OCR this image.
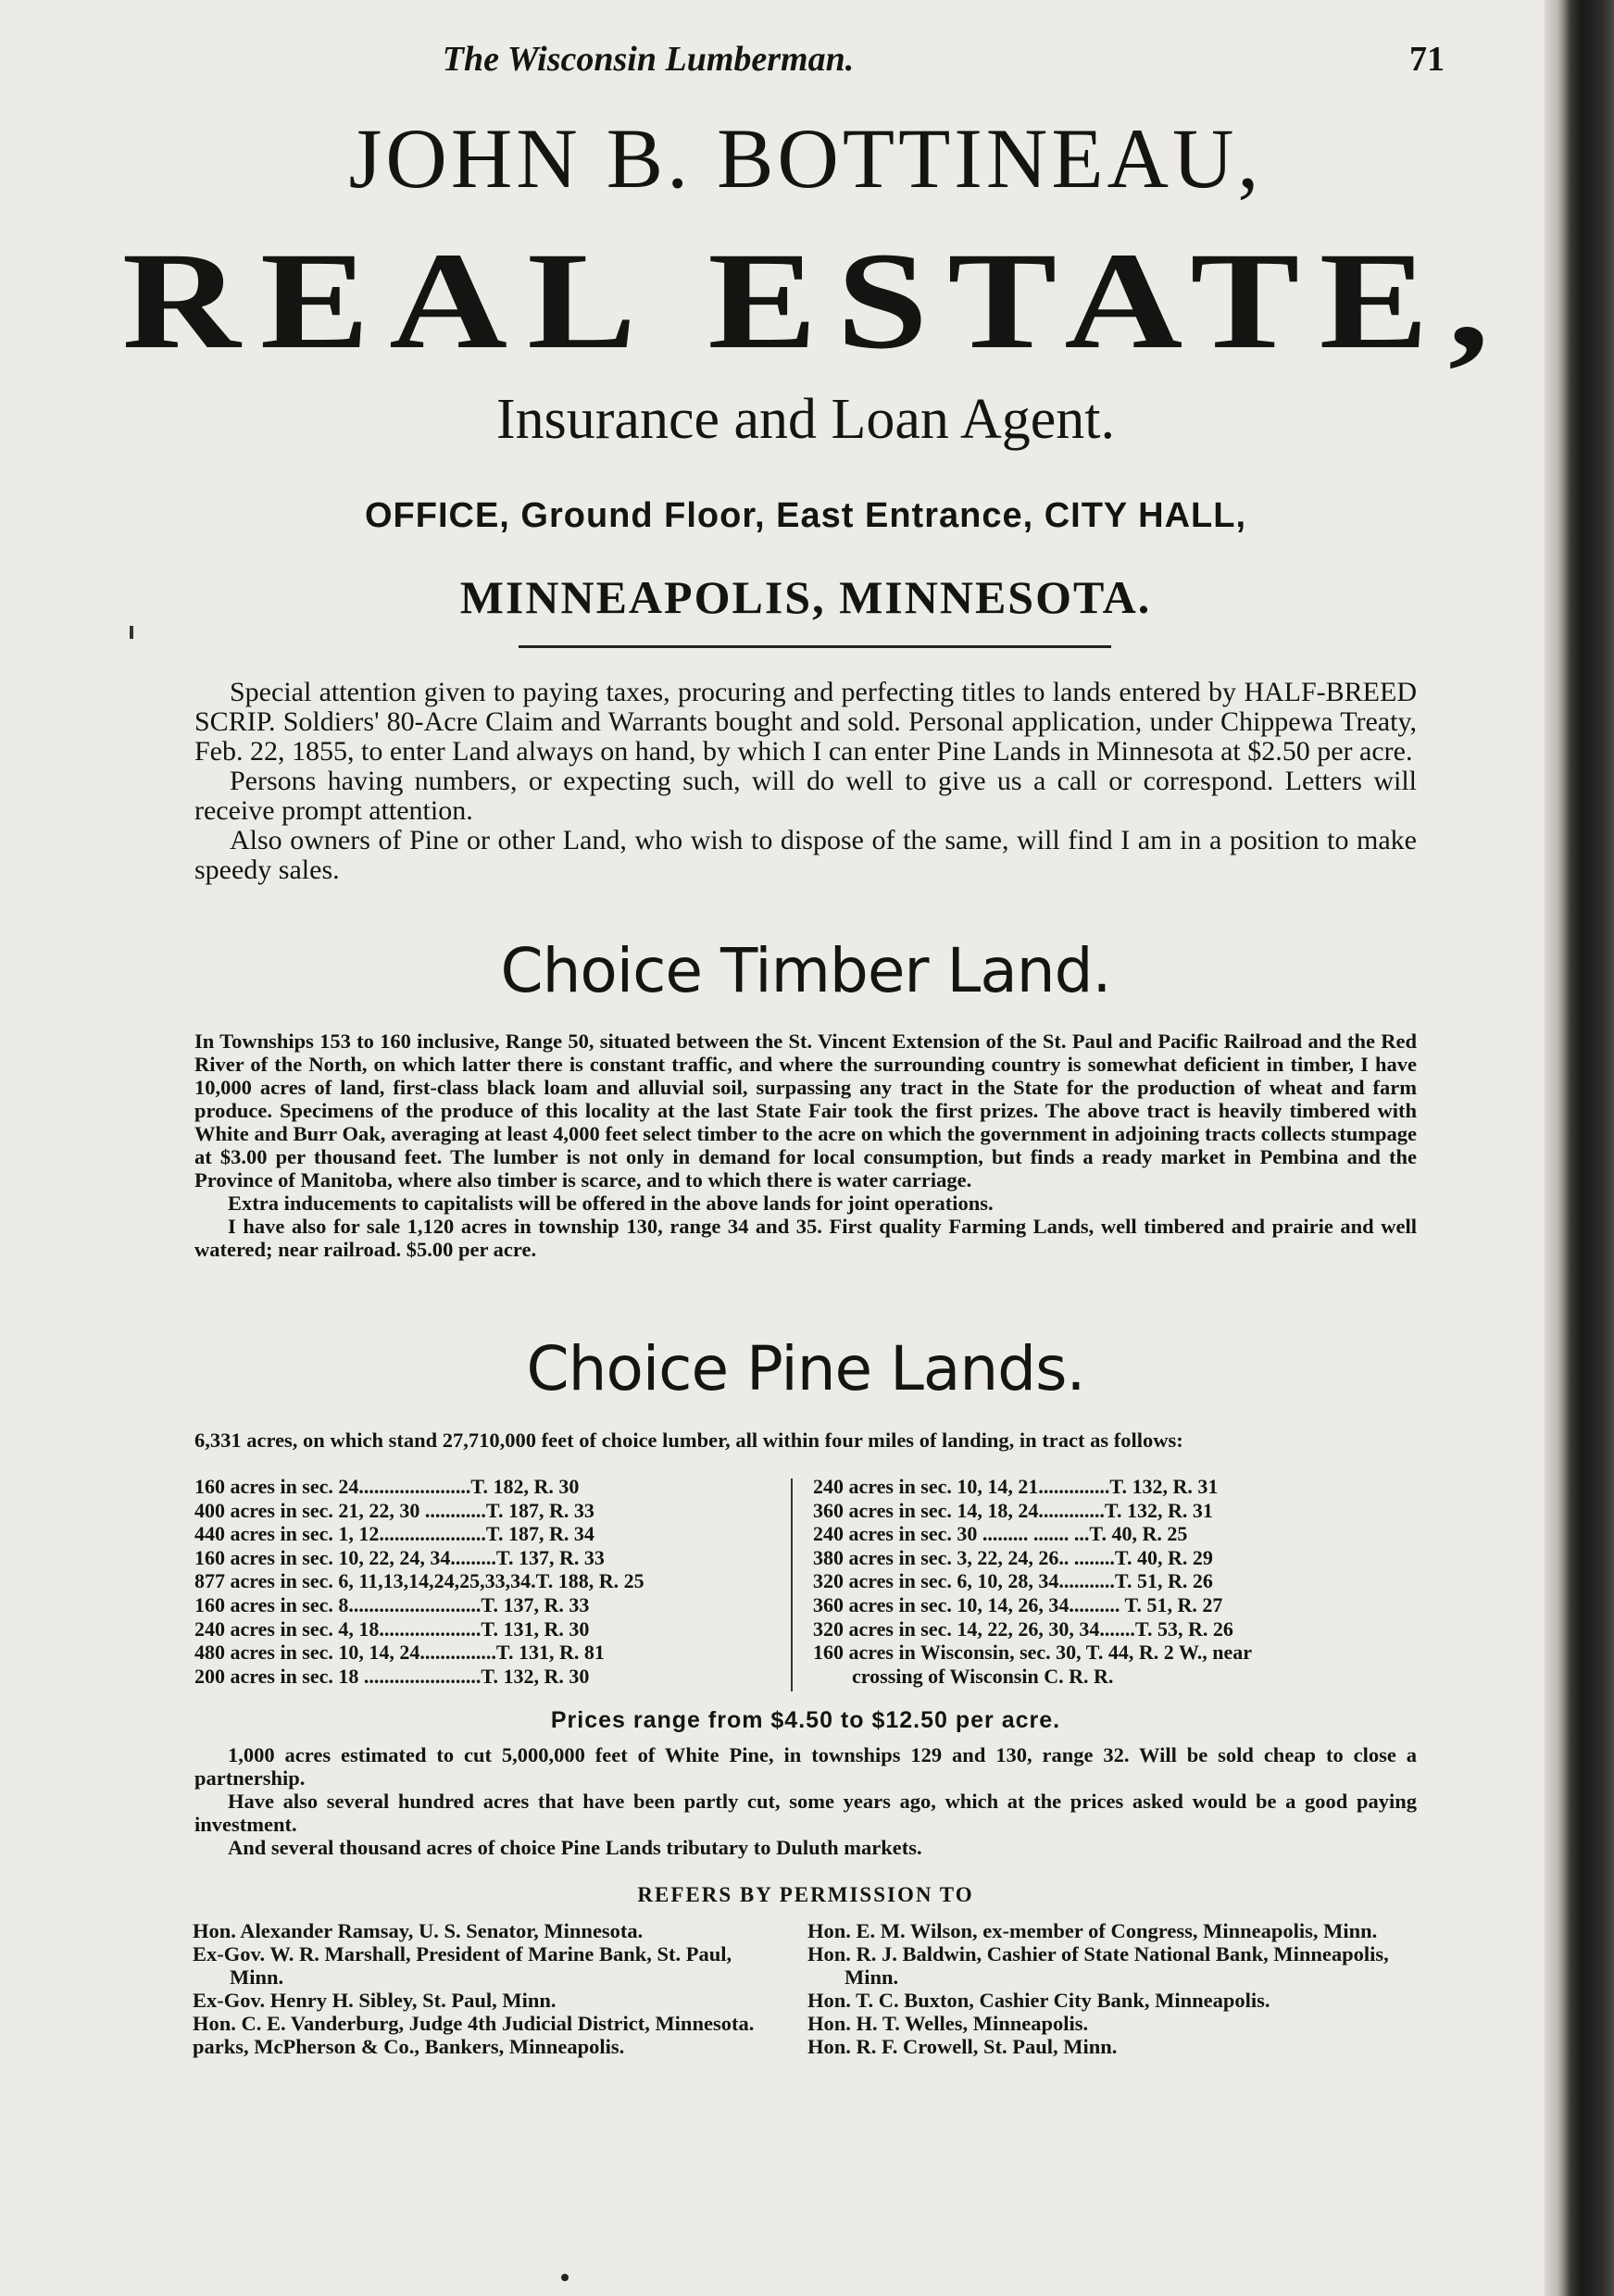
The Wisconsin Lumberman.	71
JOHN B. BOTTINEAU,
REAL ESTATE,
Insurance and Loan Agent.
OFFICE, Ground Floor, East Entrance, CITY HALL,
MINNEAPOLIS, MINNESOTA.

Special attention given to paying taxes, procuring and perfecting titles to lands entered by HALF-BREED SCRIP. Soldiers' 80-Acre Claim and Warrants bought and sold. Personal application, under Chippewa Treaty, Feb. 22, 1855, to enter Land always on hand, by which I can enter Pine Lands in Minnesota at $2.50 per acre.

Persons having numbers, or expecting such, will do well to give us a call or correspond. Letters will receive prompt attention.

Also owners of Pine or other Land, who wish to dispose of the same, will find I am in a position to make speedy sales.

Choice Timber Land.

In Townships 153 to 160 inclusive, Range 50, situated between the St. Vincent Extension of the St. Paul and Pacific Railroad and the Red River of the North, on which latter there is constant traffic, and where the surrounding country is somewhat deficient in timber, I have 10,000 acres of land, first-class black loam and alluvial soil, surpassing any tract in the State for the production of wheat and farm produce. Specimens of the produce of this locality at the last State Fair took the first prizes. The above tract is heavily timbered with White and Burr Oak, averaging at least 4,000 feet select timber to the acre on which the government in adjoining tracts collects stumpage at $3.00 per thousand feet. The lumber is not only in demand for local consumption, but finds a ready market in Pembina and the Province of Manitoba, where also timber is scarce, and to which there is water carriage.

Extra inducements to capitalists will be offered in the above lands for joint operations.

I have also for sale 1,120 acres in township 130, range 34 and 35. First quality Farming Lands, well timbered and prairie and well watered; near railroad. $5.00 per acre.

Choice Pine Lands.

6,331 acres, on which stand 27,710,000 feet of choice lumber, all within four miles of landing, in tract as follows:

160 acres in sec. 24......................T. 182, R. 30
400 acres in sec. 21, 22, 30 ............T. 187, R. 33
440 acres in sec. 1, 12.....................T. 187, R. 34
160 acres in sec. 10, 22, 24, 34.........T. 137, R. 33
877 acres in sec. 6, 11,13,14,24,25,33,34.T. 188, R. 25
160 acres in sec. 8..........................T. 137, R. 33
240 acres in sec. 4, 18....................T. 131, R. 30
480 acres in sec. 10, 14, 24...............T. 131, R. 81
200 acres in sec. 18 .......................T. 132, R. 30
240 acres in sec. 10, 14, 21..............T. 132, R. 31
360 acres in sec. 14, 18, 24.............T. 132, R. 31
240 acres in sec. 30 ......... ....... ...T. 40, R. 25
380 acres in sec. 3, 22, 24, 26.. ........T. 40, R. 29
320 acres in sec. 6, 10, 28, 34...........T. 51, R. 26
360 acres in sec. 10, 14, 26, 34.......... T. 51, R. 27
320 acres in sec. 14, 22, 26, 30, 34.......T. 53, R. 26
160 acres in Wisconsin, sec. 30, T. 44, R. 2 W., near
crossing of Wisconsin C. R. R.
Prices range from $4.50 to $12.50 per acre.

1,000 acres estimated to cut 5,000,000 feet of White Pine, in townships 129 and 130, range 32. Will be sold cheap to close a partnership.

Have also several hundred acres that have been partly cut, some years ago, which at the prices asked would be a good paying investment.

And several thousand acres of choice Pine Lands tributary to Duluth markets.

REFERS BY PERMISSION TO
Hon. Alexander Ramsay, U. S. Senator, Minnesota.
Ex-Gov. W. R. Marshall, President of Marine Bank, St. Paul, Minn.
Ex-Gov. Henry H. Sibley, St. Paul, Minn.
Hon. C. E. Vanderburg, Judge 4th Judicial District, Minnesota.
parks, McPherson & Co., Bankers, Minneapolis.
Hon. E. M. Wilson, ex-member of Congress, Minneapolis, Minn.
Hon. R. J. Baldwin, Cashier of State National Bank, Minneapolis, Minn.
Hon. T. C. Buxton, Cashier City Bank, Minneapolis.
Hon. H. T. Welles, Minneapolis.
Hon. R. F. Crowell, St. Paul, Minn.
